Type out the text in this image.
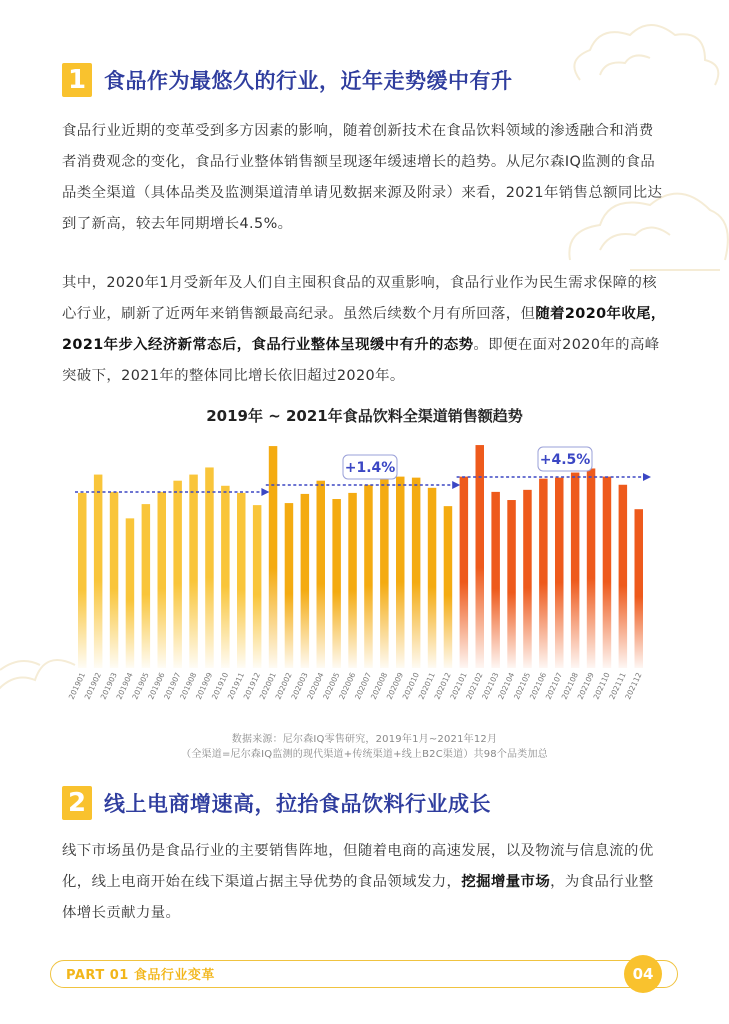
1 食品作为最悠久的行业，近年走势缓中有升
食品行业近期的变革受到多方因素的影响，随着创新技术在食品饮料领域的渗透融合和消费者消费观念的变化，食品行业整体销售额呈现逐年缓速增长的趋势。从尼尔森IQ监测的食品品类全渠道（具体品类及监测渠道清单请见数据来源及附录）来看，2021年销售总额同比达到了新高，较去年同期增长4.5%。
其中，2020年1月受新年及人们自主囤积食品的双重影响，食品行业作为民生需求保障的核心行业，刷新了近两年来销售额最高纪录。虽然后续数个月有所回落，但随着2020年收尾，2021年步入经济新常态后，食品行业整体呈现缓中有升的态势。即便在面对2020年的高峰突破下，2021年的整体同比增长依旧超过2020年。
2019年 ~ 2021年食品饮料全渠道销售额趋势
201901
201902
201903
201904
201905
201906
201907
201908
201909
201910
201911
201912
202001
202002
202003
202004
202005
202006
202007
202008
202009
202010
202011
202012
202101
202102
202103
202104
202105
202106
202107
202108
202109
202110
202111
202112
+1.4%	+4.5%
数据来源：尼尔森IQ零售研究，2019年1月~2021年12月
（全渠道=尼尔森IQ监测的现代渠道+传统渠道+线上B2C渠道）共98个品类加总
2 线上电商增速高，拉抬食品饮料行业成长
线下市场虽仍是食品行业的主要销售阵地，但随着电商的高速发展，以及物流与信息流的优化，线上电商开始在线下渠道占据主导优势的食品领域发力，挖掘增量市场，为食品行业整体增长贡献力量。
PART 01 食品行业变革	04
